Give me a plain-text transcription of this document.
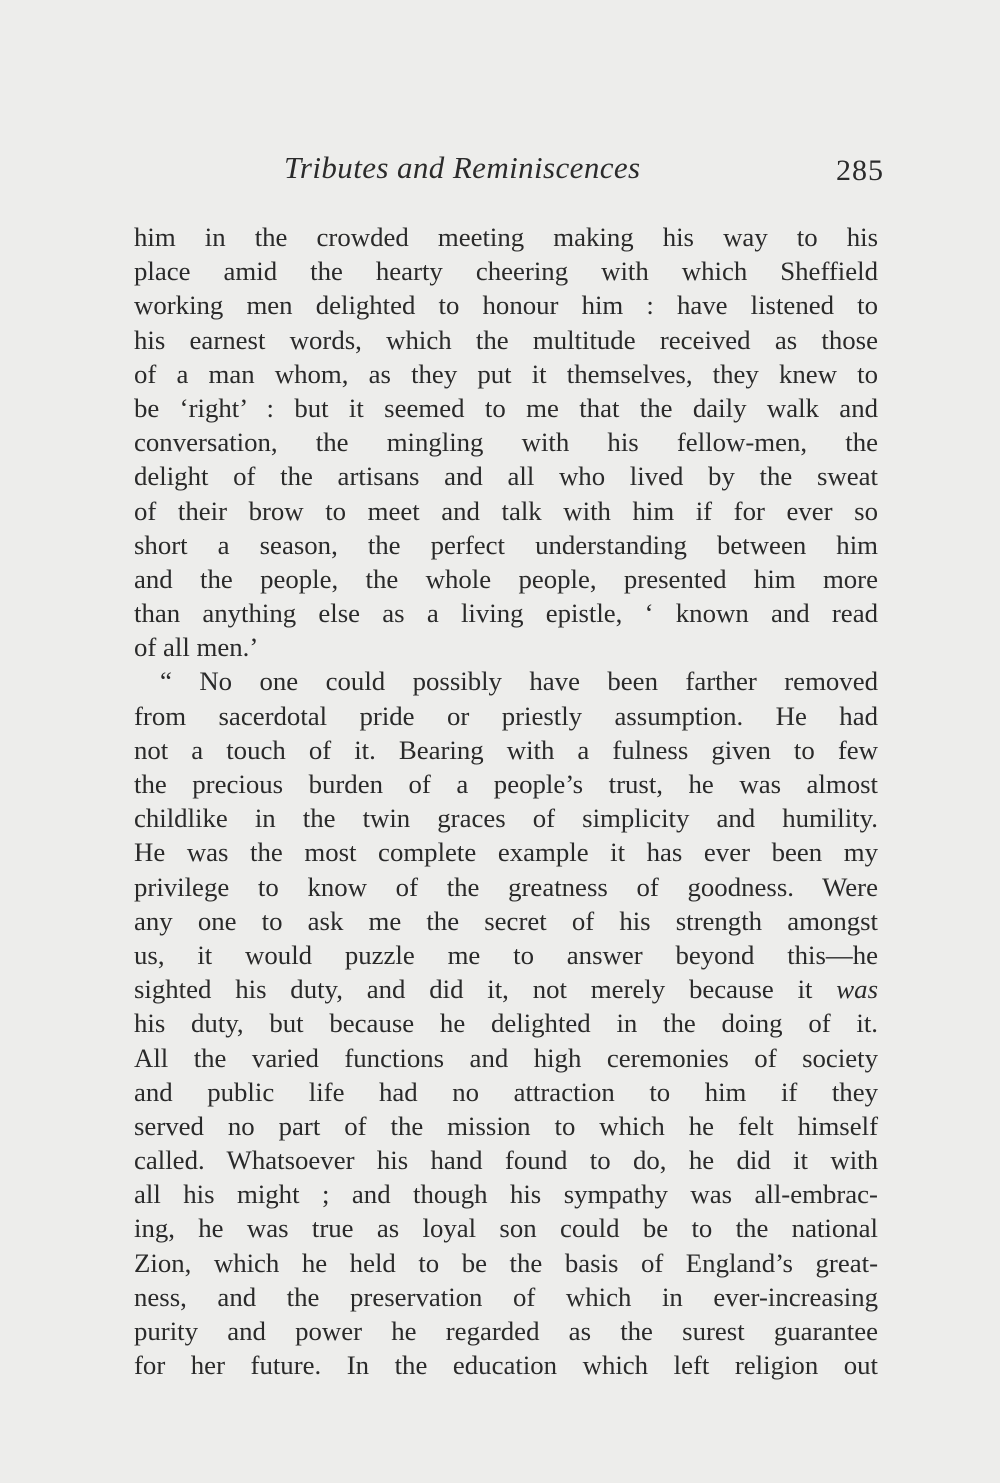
Tributes and Reminiscences	285
him in the crowded meeting making his way to his
place amid the hearty cheering with which Sheffield
working men delighted to honour him : have listened to
his earnest words, which the multitude received as those
of a man whom, as they put it themselves, they knew to
be ‘right’ : but it seemed to me that the daily walk and
conversation, the mingling with his fellow-men, the
delight of the artisans and all who lived by the sweat
of their brow to meet and talk with him if for ever so
short a season, the perfect understanding between him
and the people, the whole people, presented him more
than anything else as a living epistle, ‘ known and read
of all men.’
“ No one could possibly have been farther removed
from sacerdotal pride or priestly assumption. He had
not a touch of it. Bearing with a fulness given to few
the precious burden of a people’s trust, he was almost
childlike in the twin graces of simplicity and humility.
He was the most complete example it has ever been my
privilege to know of the greatness of goodness. Were
any one to ask me the secret of his strength amongst
us, it would puzzle me to answer beyond this—he
sighted his duty, and did it, not merely because it was
his duty, but because he delighted in the doing of it.
All the varied functions and high ceremonies of society
and public life had no attraction to him if they
served no part of the mission to which he felt himself
called. Whatsoever his hand found to do, he did it with
all his might ; and though his sympathy was all-embrac-
ing, he was true as loyal son could be to the national
Zion, which he held to be the basis of England’s great-
ness, and the preservation of which in ever-increasing
purity and power he regarded as the surest guarantee
for her future. In the education which left religion out
